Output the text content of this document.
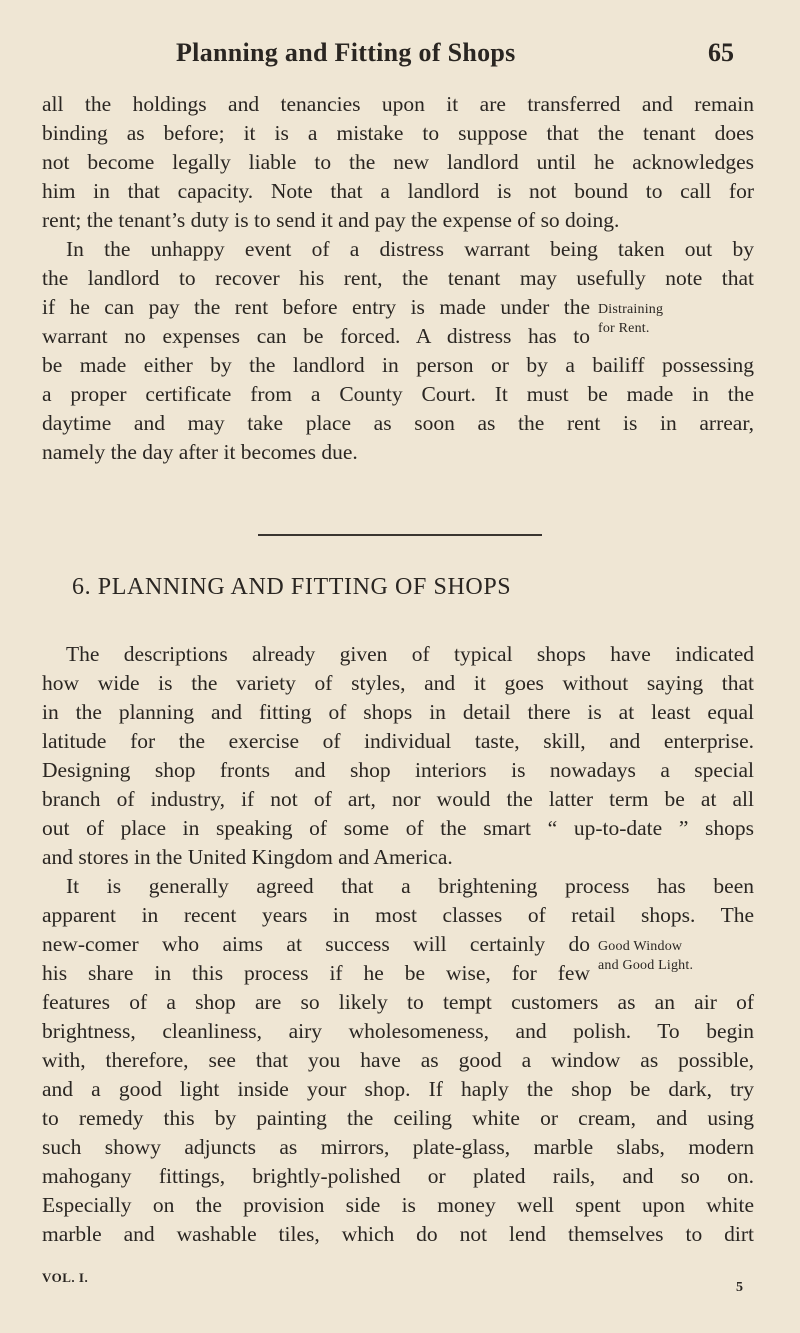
Planning and Fitting of Shops	65
all the holdings and tenancies upon it are transferred and remain
binding as before; it is a mistake to suppose that the tenant does
not become legally liable to the new landlord until he acknowledges
him in that capacity. Note that a landlord is not bound to call for
rent; the tenant’s duty is to send it and pay the expense of so doing.
In the unhappy event of a distress warrant being taken out by
the landlord to recover his rent, the tenant may usefully note that
if he can pay the rent before entry is made under the
warrant no expenses can be forced. A distress has to
be made either by the landlord in person or by a bailiff possessing
a proper certificate from a County Court. It must be made in the
daytime and may take place as soon as the rent is in arrear,
namely the day after it becomes due.
Distraining
for Rent.
6. PLANNING AND FITTING OF SHOPS
The descriptions already given of typical shops have indicated
how wide is the variety of styles, and it goes without saying that
in the planning and fitting of shops in detail there is at least equal
latitude for the exercise of individual taste, skill, and enterprise.
Designing shop fronts and shop interiors is nowadays a special
branch of industry, if not of art, nor would the latter term be at all
out of place in speaking of some of the smart “ up-to-date ” shops
and stores in the United Kingdom and America.
It is generally agreed that a brightening process has been
apparent in recent years in most classes of retail shops. The
new-comer who aims at success will certainly do
his share in this process if he be wise, for few
features of a shop are so likely to tempt customers as an air of
brightness, cleanliness, airy wholesomeness, and polish. To begin
with, therefore, see that you have as good a window as possible,
and a good light inside your shop. If haply the shop be dark, try
to remedy this by painting the ceiling white or cream, and using
such showy adjuncts as mirrors, plate-glass, marble slabs, modern
mahogany fittings, brightly-polished or plated rails, and so on.
Especially on the provision side is money well spent upon white
marble and washable tiles, which do not lend themselves to dirt
Good Window
and Good Light.
VOL. I.
5
